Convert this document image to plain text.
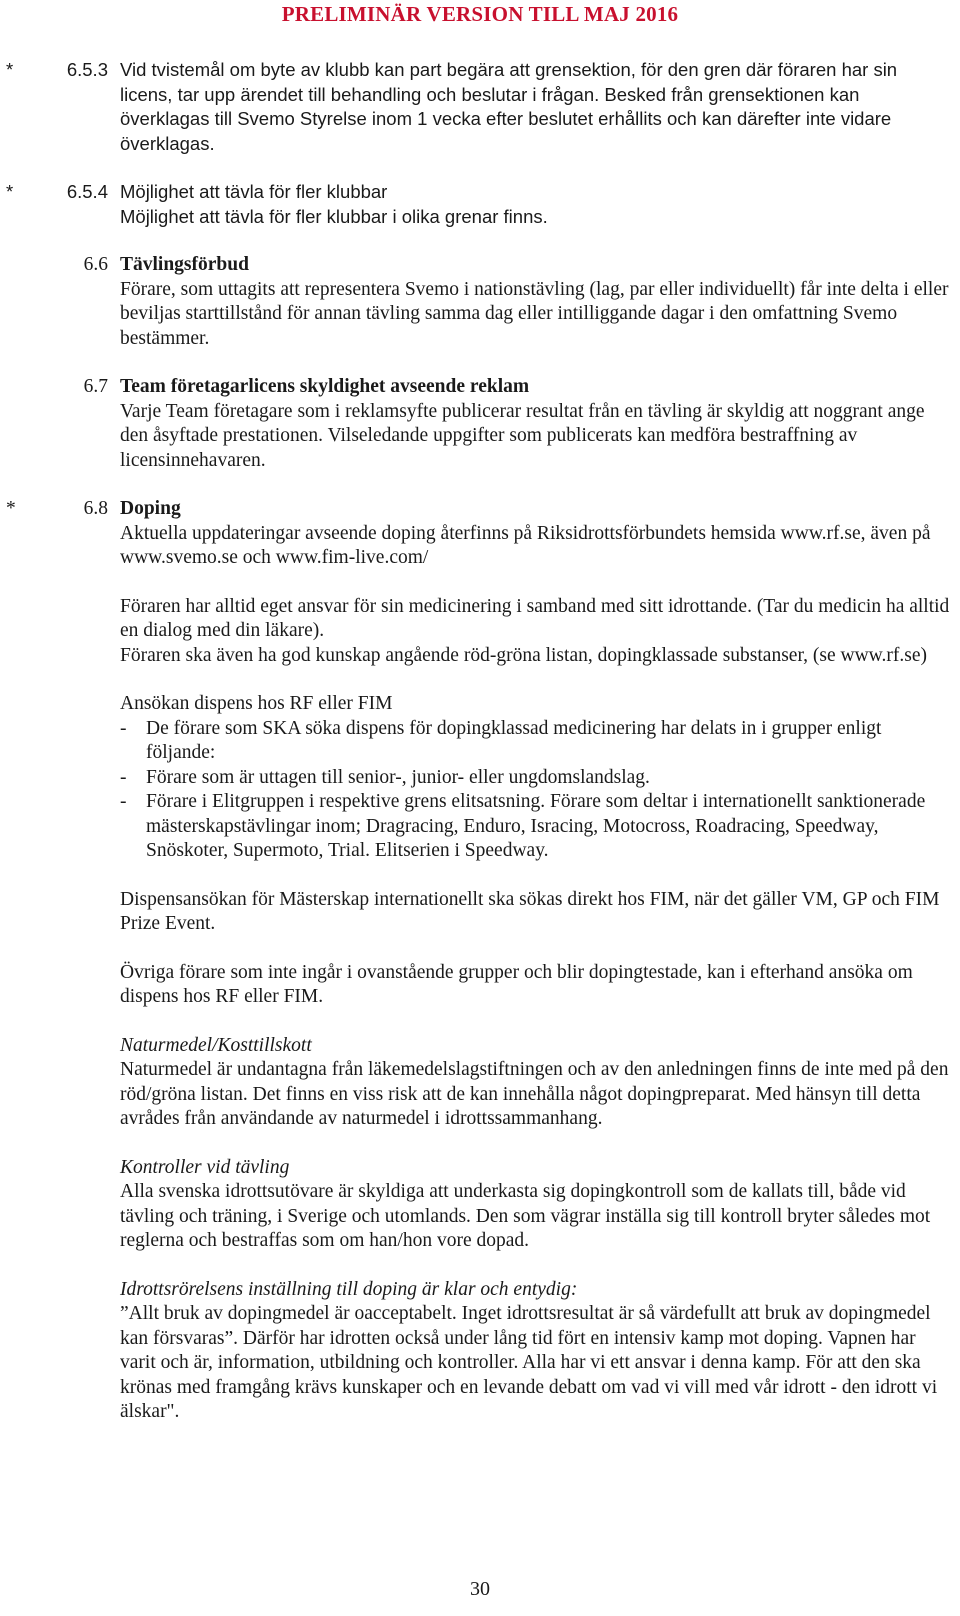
PRELIMINÄR VERSION TILL MAJ 2016
*	6.5.3 Vid tvistemål om byte av klubb kan part begära att grensektion, för den gren där föraren har sin licens, tar upp ärendet till behandling och beslutar i frågan. Besked från grensektionen kan överklagas till Svemo Styrelse inom 1 vecka efter beslutet erhållits och kan därefter inte vidare överklagas.

*	6.5.4 Möjlighet att tävla för fler klubbar

Möjlighet att tävla för fler klubbar i olika grenar finns.

6.6 Tävlingsförbud

Förare, som uttagits att representera Svemo i nationstävling (lag, par eller individuellt) får inte delta i eller beviljas starttillstånd för annan tävling samma dag eller intilliggande dagar i den omfattning Svemo bestämmer.

6.7 Team företagarlicens skyldighet avseende reklam

Varje Team företagare som i reklamsyfte publicerar resultat från en tävling är skyldig att noggrant ange den åsyftade prestationen. Vilseledande uppgifter som publicerats kan medföra bestraffning av licensinnehavaren.

*	6.8 Doping

Aktuella uppdateringar avseende doping återfinns på Riksidrottsförbundets hemsida www.rf.se, även på www.svemo.se och www.fim-live.com/

Föraren har alltid eget ansvar för sin medicinering i samband med sitt idrottande. (Tar du medicin ha alltid en dialog med din läkare).

Föraren ska även ha god kunskap angående röd-gröna listan, dopingklassade substanser, (se www.rf.se)

Ansökan dispens hos RF eller FIM

- De förare som SKA söka dispens för dopingklassad medicinering har delats in i grupper enligt följande:
- Förare som är uttagen till senior-, junior- eller ungdomslandslag.
- Förare i Elitgruppen i respektive grens elitsatsning. Förare som deltar i internationellt sanktionerade mästerskapstävlingar inom; Dragracing, Enduro, Isracing, Motocross, Roadracing, Speedway, Snöskoter, Supermoto, Trial. Elitserien i Speedway.

Dispensansökan för Mästerskap internationellt ska sökas direkt hos FIM, när det gäller VM, GP och FIM Prize Event.

Övriga förare som inte ingår i ovanstående grupper och blir dopingtestade, kan i efterhand ansöka om dispens hos RF eller FIM.

Naturmedel/Kosttillskott

Naturmedel är undantagna från läkemedelslagstiftningen och av den anledningen finns de inte med på den röd/gröna listan. Det finns en viss risk att de kan innehålla något dopingpreparat. Med hänsyn till detta avrådes från användande av naturmedel i idrottssammanhang.

Kontroller vid tävling

Alla svenska idrottsutövare är skyldiga att underkasta sig dopingkontroll som de kallats till, både vid tävling och träning, i Sverige och utomlands. Den som vägrar inställa sig till kontroll bryter således mot reglerna och bestraffas som om han/hon vore dopad.

Idrottsrörelsens inställning till doping är klar och entydig:

”Allt bruk av dopingmedel är oacceptabelt. Inget idrottsresultat är så värdefullt att bruk av dopingmedel kan försvaras”. Därför har idrotten också under lång tid fört en intensiv kamp mot doping. Vapnen har varit och är, information, utbildning och kontroller. Alla har vi ett ansvar i denna kamp. För att den ska krönas med framgång krävs kunskaper och en levande debatt om vad vi vill med vår idrott - den idrott vi älskar".

30
